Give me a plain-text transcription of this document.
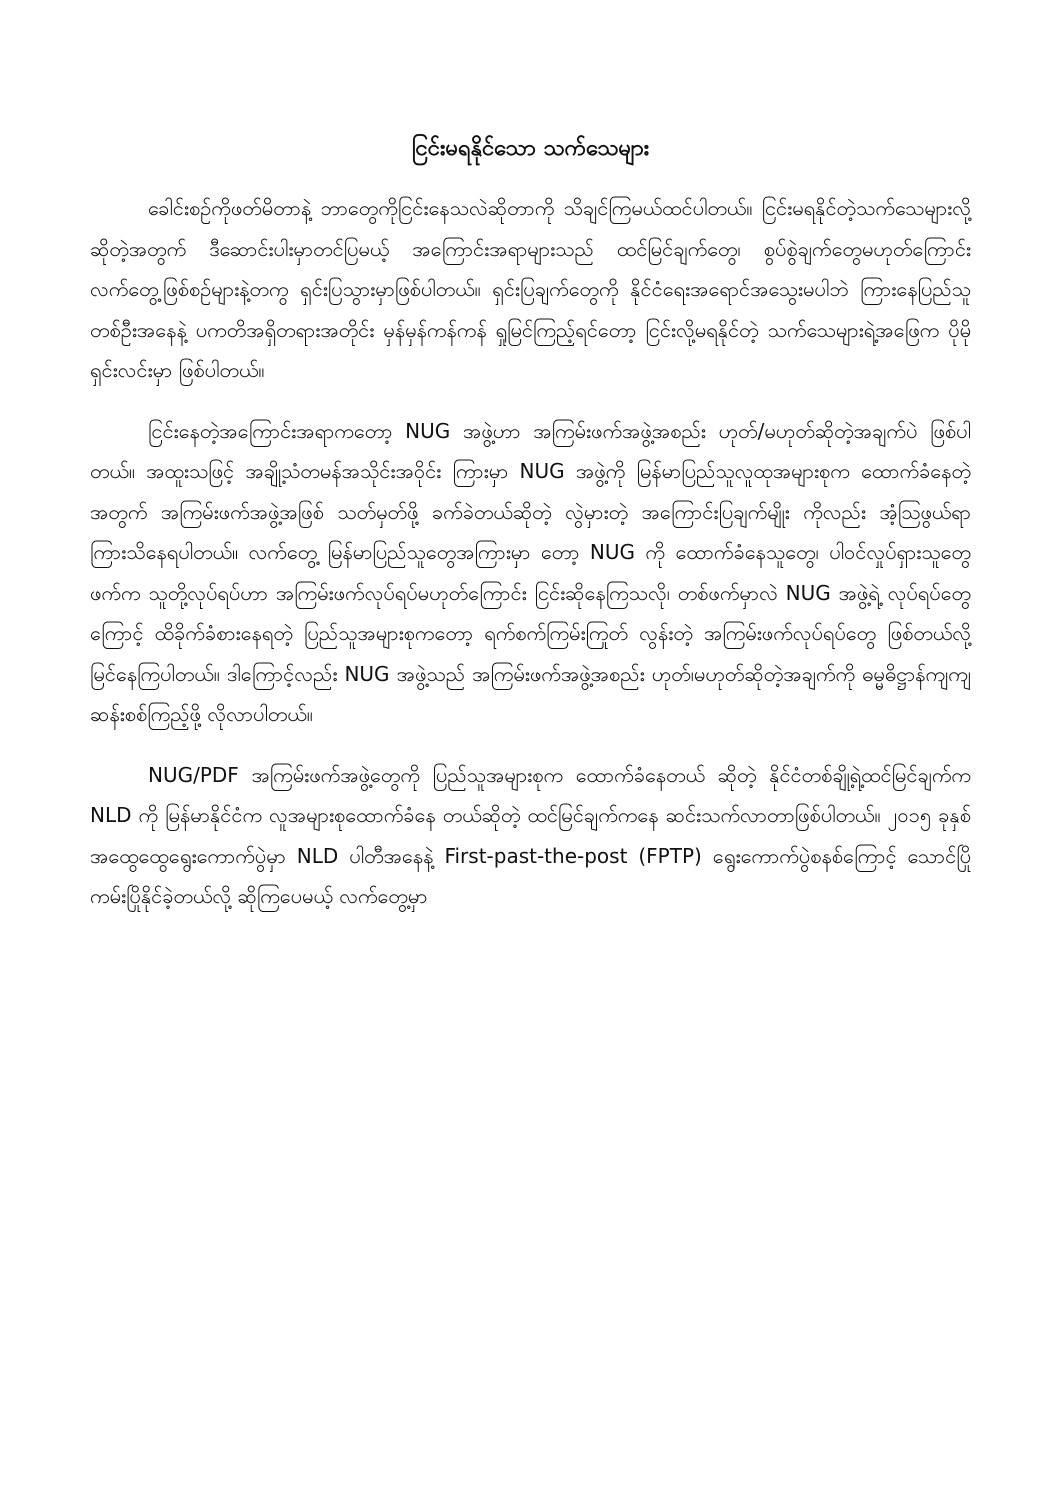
ငြင်းမရနိုင်သော သက်သေများ

ခေါင်းစဉ်ကိုဖတ်မိတာနဲ့ ဘာတွေကိုငြင်းနေသလဲဆိုတာကို သိချင်ကြမယ်ထင်ပါတယ်။ ငြင်းမရနိုင်တဲ့သက်သေများလို့ ဆိုတဲ့အတွက် ဒီဆောင်းပါးမှာတင်ပြမယ့် အကြောင်းအရာများသည် ထင်မြင်ချက်တွေ၊ စွပ်စွဲချက်တွေမဟုတ်ကြောင်း လက်တွေ့ဖြစ်စဉ်များနဲ့တကွ ရှင်းပြသွားမှာဖြစ်ပါတယ်။ ရှင်းပြချက်တွေကို နိုင်ငံရေးအရောင်အသွေးမပါဘဲ ကြားနေပြည်သူတစ်ဦးအနေနဲ့ ပကတိအရှိတရားအတိုင်း မှန်မှန်ကန်ကန် ရှုမြင်ကြည့်ရင်တော့ ငြင်းလို့မရနိုင်တဲ့ သက်သေများရဲ့အဖြေက ပိုမိုရှင်းလင်းမှာ ဖြစ်ပါတယ်။

ငြင်းနေတဲ့အကြောင်းအရာကတော့ NUG အဖွဲ့ဟာ အကြမ်းဖက်အဖွဲ့အစည်း ဟုတ်/မဟုတ်ဆိုတဲ့အချက်ပဲ ဖြစ်ပါတယ်။ အထူးသဖြင့် အချို့သံတမန်အသိုင်းအဝိုင်း ကြားမှာ NUG အဖွဲ့ကို မြန်မာပြည်သူလူထုအများစုက ထောက်ခံနေတဲ့အတွက် အကြမ်းဖက်အဖွဲ့အဖြစ် သတ်မှတ်ဖို့ ခက်ခဲတယ်ဆိုတဲ့ လွဲမှားတဲ့ အကြောင်းပြချက်မျိုး ကိုလည်း အံ့သြဖွယ်ရာ ကြားသိနေရပါတယ်။ လက်တွေ့ မြန်မာပြည်သူတွေအကြားမှာ တော့ NUG ကို ထောက်ခံနေသူတွေ၊ ပါဝင်လှုပ်ရှားသူတွေဖက်က သူတို့လုပ်ရပ်ဟာ အကြမ်းဖက်လုပ်ရပ်မဟုတ်ကြောင်း ငြင်းဆိုနေကြသလို၊ တစ်ဖက်မှာလဲ NUG အဖွဲ့ရဲ့ လုပ်ရပ်တွေကြောင့် ထိခိုက်ခံစားနေရတဲ့ ပြည်သူအများစုကတော့ ရက်စက်ကြမ်းကြုတ် လွန်းတဲ့ အကြမ်းဖက်လုပ်ရပ်တွေ ဖြစ်တယ်လို့ မြင်နေကြပါတယ်။ ဒါကြောင့်လည်း NUG အဖွဲ့သည် အကြမ်းဖက်အဖွဲ့အစည်း ဟုတ်၊မဟုတ်ဆိုတဲ့အချက်ကို ဓမ္မဓိဋ္ဌာန်ကျကျ ဆန်းစစ်ကြည့်ဖို့ လိုလာပါတယ်။

NUG/PDF အကြမ်းဖက်အဖွဲ့တွေကို ပြည်သူအများစုက ထောက်ခံနေတယ် ဆိုတဲ့ နိုင်ငံတစ်ချို့ရဲ့ထင်မြင်ချက်က NLD ကို မြန်မာနိုင်ငံက လူအများစုထောက်ခံနေ တယ်ဆိုတဲ့ ထင်မြင်ချက်ကနေ ဆင်းသက်လာတာဖြစ်ပါတယ်။ ၂၀၁၅ ခုနှစ် အထွေထွေရွေးကောက်ပွဲမှာ NLD ပါတီအနေနဲ့ First-past-the-post (FPTP) ရွေးကောက်ပွဲစနစ်ကြောင့် သောင်ပြိုကမ်းပြိုနိုင်ခဲ့တယ်လို့ ဆိုကြပေမယ့် လက်တွေ့မှာ
